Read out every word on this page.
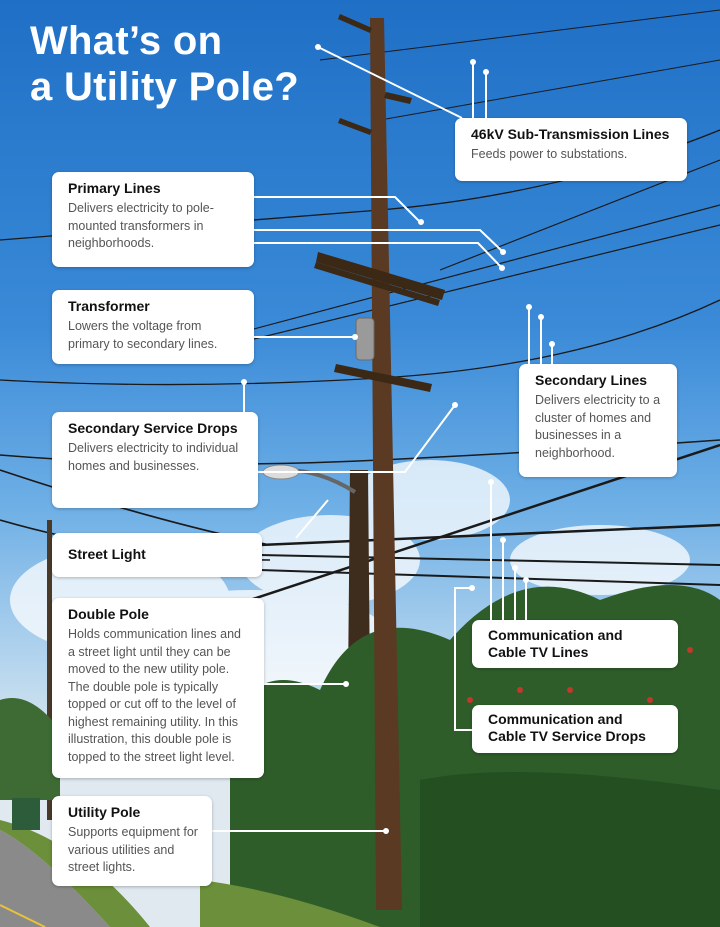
What’s on
a Utility Pole?
46kV Sub-Transmission Lines

Feeds power to substations.

Primary Lines

Delivers electricity to pole-mounted transformers in neighborhoods.

Transformer

Lowers the voltage from primary to secondary lines.

Secondary Lines

Delivers electricity to a cluster of homes and businesses in a neighborhood.

Secondary Service Drops

Delivers electricity to individual homes and businesses.

Street Light
Double Pole

Holds communication lines and a street light until they can be moved to the new utility pole. The double pole is typically topped or cut off to the level of highest remaining utility. In this illustration, this double pole is topped to the street light level.

Communication and Cable TV Lines
Communication and Cable TV Service Drops
Utility Pole

Supports equipment for various utilities and street lights.
